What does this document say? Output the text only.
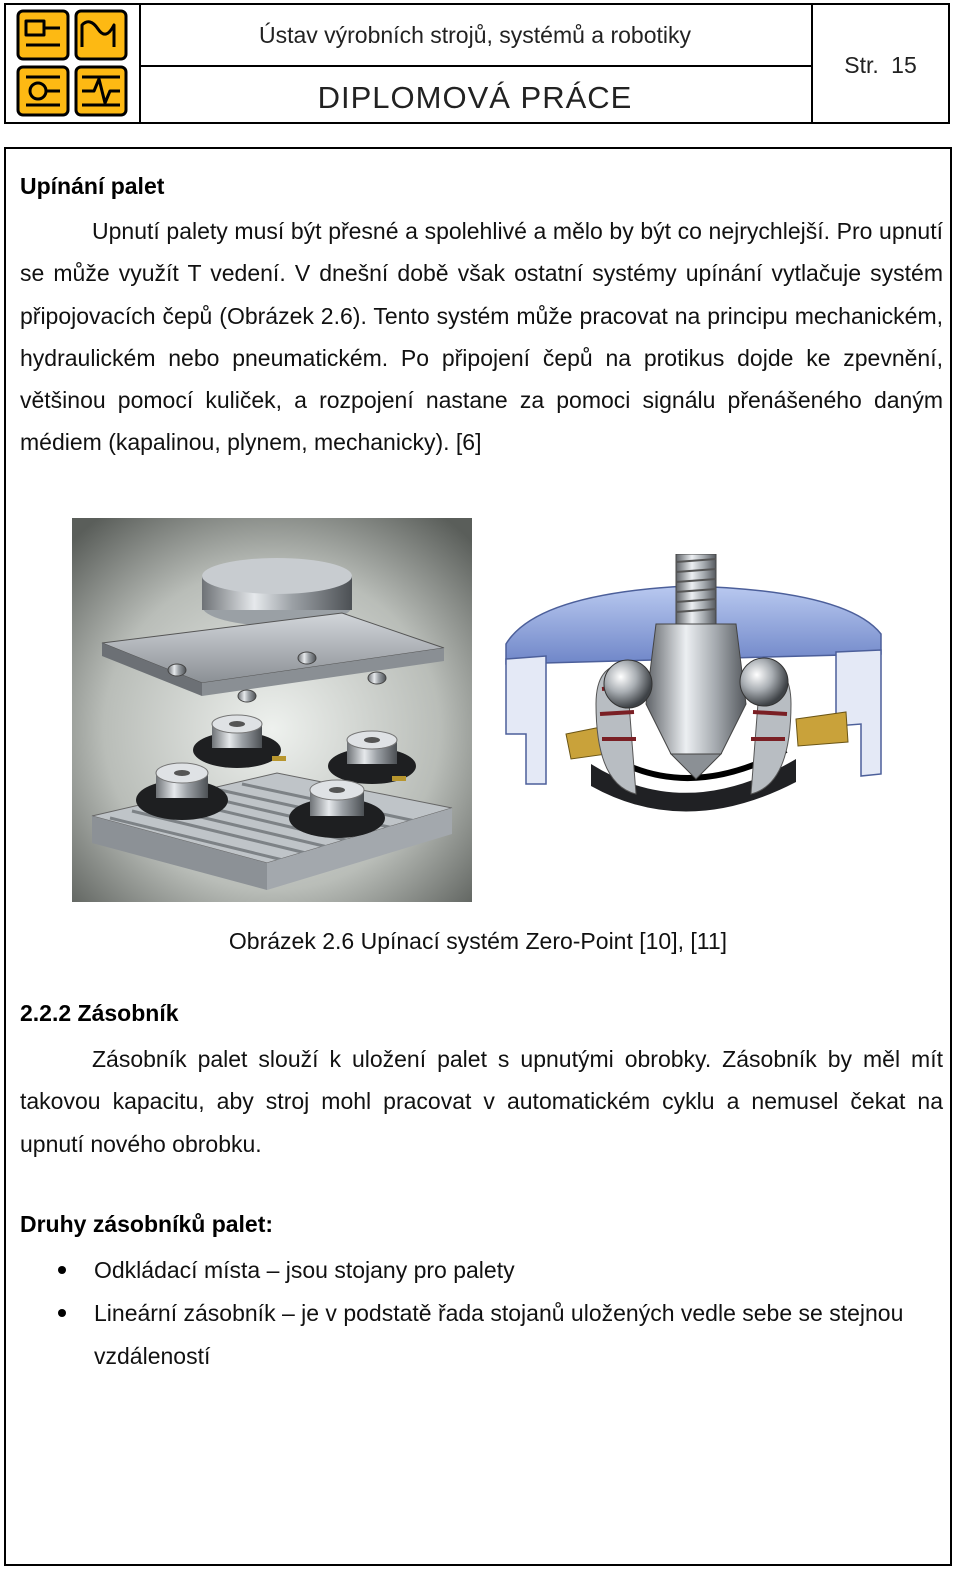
Ústav výrobních strojů, systémů a robotiky
DIPLOMOVÁ PRÁCE
Str. 15
Upínání palet
Upnutí palety musí být přesné a spolehlivé a mělo by být co nejrychlejší. Pro upnutí se může využít T vedení. V dnešní době však ostatní systémy upínání vytlačuje systém připojovacích čepů (Obrázek 2.6). Tento systém může pracovat na principu mechanickém, hydraulickém nebo pneumatickém. Po připojení čepů na protikus dojde ke zpevnění, většinou pomocí kuliček, a rozpojení nastane za pomoci signálu přenášeného daným médiem (kapalinou, plynem, mechanicky). [6]
Obrázek 2.6 Upínací systém Zero-Point [10], [11]
2.2.2 Zásobník
Zásobník palet slouží k uložení palet s upnutými obrobky. Zásobník by měl mít takovou kapacitu, aby stroj mohl pracovat v automatickém cyklu a nemusel čekat na upnutí nového obrobku.
Druhy zásobníků palet:
Odkládací místa – jsou stojany pro palety
Lineární zásobník – je v podstatě řada stojanů uložených vedle sebe se stejnou vzdáleností
